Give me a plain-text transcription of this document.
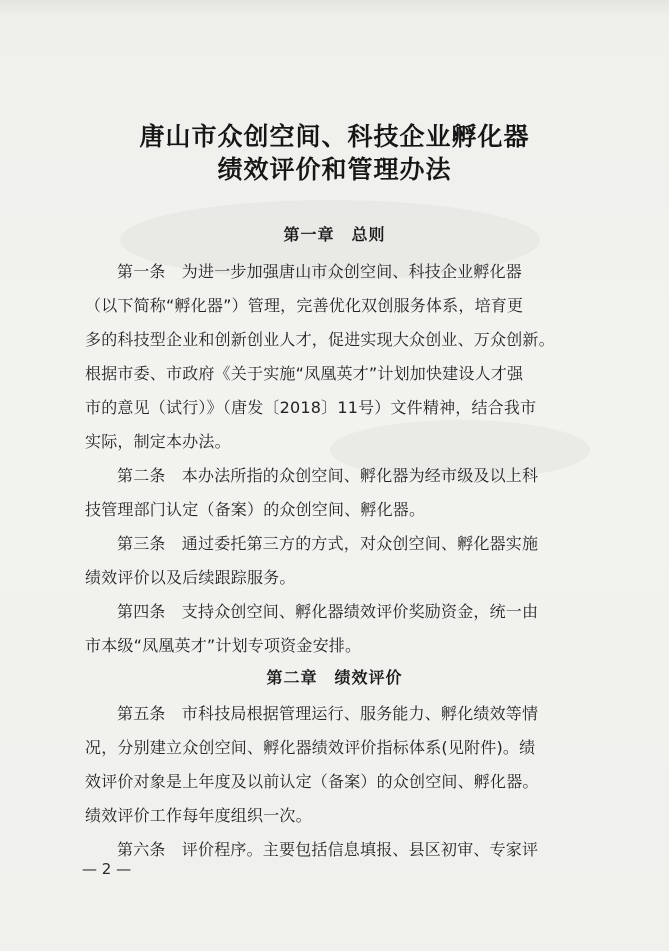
唐山市众创空间、科技企业孵化器
绩效评价和管理办法
第一章　总则
第一条　为进一步加强唐山市众创空间、科技企业孵化器
（以下简称“孵化器”）管理，完善优化双创服务体系，培育更
多的科技型企业和创新创业人才，促进实现大众创业、万众创新。
根据市委、市政府《关于实施“凤凰英才”计划加快建设人才强
市的意见（试行）》（唐发〔2018〕11号）文件精神，结合我市
实际，制定本办法。
第二条　本办法所指的众创空间、孵化器为经市级及以上科
技管理部门认定（备案）的众创空间、孵化器。
第三条　通过委托第三方的方式，对众创空间、孵化器实施
绩效评价以及后续跟踪服务。
第四条　支持众创空间、孵化器绩效评价奖励资金，统一由
市本级“凤凰英才”计划专项资金安排。
第二章　绩效评价
第五条　市科技局根据管理运行、服务能力、孵化绩效等情
况，分别建立众创空间、孵化器绩效评价指标体系(见附件)。绩
效评价对象是上年度及以前认定（备案）的众创空间、孵化器。
绩效评价工作每年度组织一次。
第六条　评价程序。主要包括信息填报、县区初审、专家评
— 2 —
